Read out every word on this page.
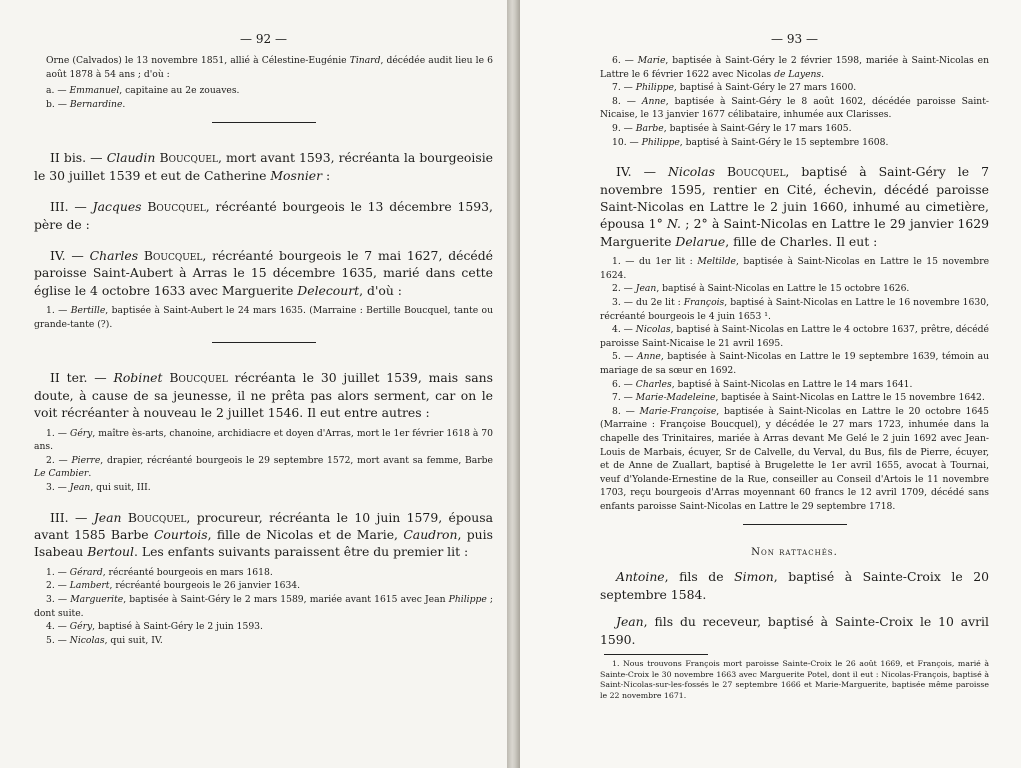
— 92 —

Orne (Calvados) le 13 novembre 1851, allié à Célestine-Eugénie Tinard, décédée audit lieu le 6 août 1878 à 54 ans ; d'où :

a. — Emmanuel, capitaine au 2e zouaves.

b. — Bernardine.

II bis. — Claudin Boucquel, mort avant 1593, récréanta la bourgeoisie le 30 juillet 1539 et eut de Catherine Mosnier :

III. — Jacques Boucquel, récréanté bourgeois le 13 décembre 1593, père de :

IV. — Charles Boucquel, récréanté bourgeois le 7 mai 1627, décédé paroisse Saint-Aubert à Arras le 15 décembre 1635, marié dans cette église le 4 octobre 1633 avec Marguerite Delecourt, d'où :

1. — Bertille, baptisée à Saint-Aubert le 24 mars 1635. (Marraine : Bertille Boucquel, tante ou grande-tante (?).

II ter. — Robinet Boucquel récréanta le 30 juillet 1539, mais sans doute, à cause de sa jeunesse, il ne prêta pas alors serment, car on le voit récréanter à nouveau le 2 juillet 1546. Il eut entre autres :

1. — Géry, maître ès-arts, chanoine, archidiacre et doyen d'Arras, mort le 1er février 1618 à 70 ans.

2. — Pierre, drapier, récréanté bourgeois le 29 septembre 1572, mort avant sa femme, Barbe Le Cambier.

3. — Jean, qui suit, III.

III. — Jean Boucquel, procureur, récréanta le 10 juin 1579, épousa avant 1585 Barbe Courtois, fille de Nicolas et de Marie, Caudron, puis Isabeau Bertoul. Les enfants suivants paraissent être du premier lit :

1. — Gérard, récréanté bourgeois en mars 1618.

2. — Lambert, récréanté bourgeois le 26 janvier 1634.

3. — Marguerite, baptisée à Saint-Géry le 2 mars 1589, mariée avant 1615 avec Jean Philippe ; dont suite.

4. — Géry, baptisé à Saint-Géry le 2 juin 1593.

5. — Nicolas, qui suit, IV.

— 93 —

6. — Marie, baptisée à Saint-Géry le 2 février 1598, mariée à Saint-Nicolas en Lattre le 6 février 1622 avec Nicolas de Layens.

7. — Philippe, baptisé à Saint-Géry le 27 mars 1600.

8. — Anne, baptisée à Saint-Géry le 8 août 1602, décédée paroisse Saint-Nicaise, le 13 janvier 1677 célibataire, inhumée aux Clarisses.

9. — Barbe, baptisée à Saint-Géry le 17 mars 1605.

10. — Philippe, baptisé à Saint-Géry le 15 septembre 1608.

IV. — Nicolas Boucquel, baptisé à Saint-Géry le 7 novembre 1595, rentier en Cité, échevin, décédé paroisse Saint-Nicolas en Lattre le 2 juin 1660, inhumé au cimetière, épousa 1° N. ; 2° à Saint-Nicolas en Lattre le 29 janvier 1629 Marguerite Delarue, fille de Charles. Il eut :

1. — du 1er lit : Meltilde, baptisée à Saint-Nicolas en Lattre le 15 novembre 1624.

2. — Jean, baptisé à Saint-Nicolas en Lattre le 15 octobre 1626.

3. — du 2e lit : François, baptisé à Saint-Nicolas en Lattre le 16 novembre 1630, récréanté bourgeois le 4 juin 1653 ¹.

4. — Nicolas, baptisé à Saint-Nicolas en Lattre le 4 octobre 1637, prêtre, décédé paroisse Saint-Nicaise le 21 avril 1695.

5. — Anne, baptisée à Saint-Nicolas en Lattre le 19 septembre 1639, témoin au mariage de sa sœur en 1692.

6. — Charles, baptisé à Saint-Nicolas en Lattre le 14 mars 1641.

7. — Marie-Madeleine, baptisée à Saint-Nicolas en Lattre le 15 novembre 1642.

8. — Marie-Françoise, baptisée à Saint-Nicolas en Lattre le 20 octobre 1645 (Marraine : Françoise Boucquel), y décédée le 27 mars 1723, inhumée dans la chapelle des Trinitaires, mariée à Arras devant Me Gelé le 2 juin 1692 avec Jean-Louis de Marbais, écuyer, Sr de Calvelle, du Verval, du Bus, fils de Pierre, écuyer, et de Anne de Zuallart, baptisé à Brugelette le 1er avril 1655, avocat à Tournai, veuf d'Yolande-Ernestine de la Rue, conseiller au Conseil d'Artois le 11 novembre 1703, reçu bourgeois d'Arras moyennant 60 francs le 12 avril 1709, décédé sans enfants paroisse Saint-Nicolas en Lattre le 29 septembre 1718.

Non rattachés.

Antoine, fils de Simon, baptisé à Sainte-Croix le 20 septembre 1584.

Jean, fils du receveur, baptisé à Sainte-Croix le 10 avril 1590.

1. Nous trouvons François mort paroisse Sainte-Croix le 26 août 1669, et François, marié à Sainte-Croix le 30 novembre 1663 avec Marguerite Potel, dont il eut : Nicolas-François, baptisé à Saint-Nicolas-sur-les-fossés le 27 septembre 1666 et Marie-Marguerite, baptisée même paroisse le 22 novembre 1671.
